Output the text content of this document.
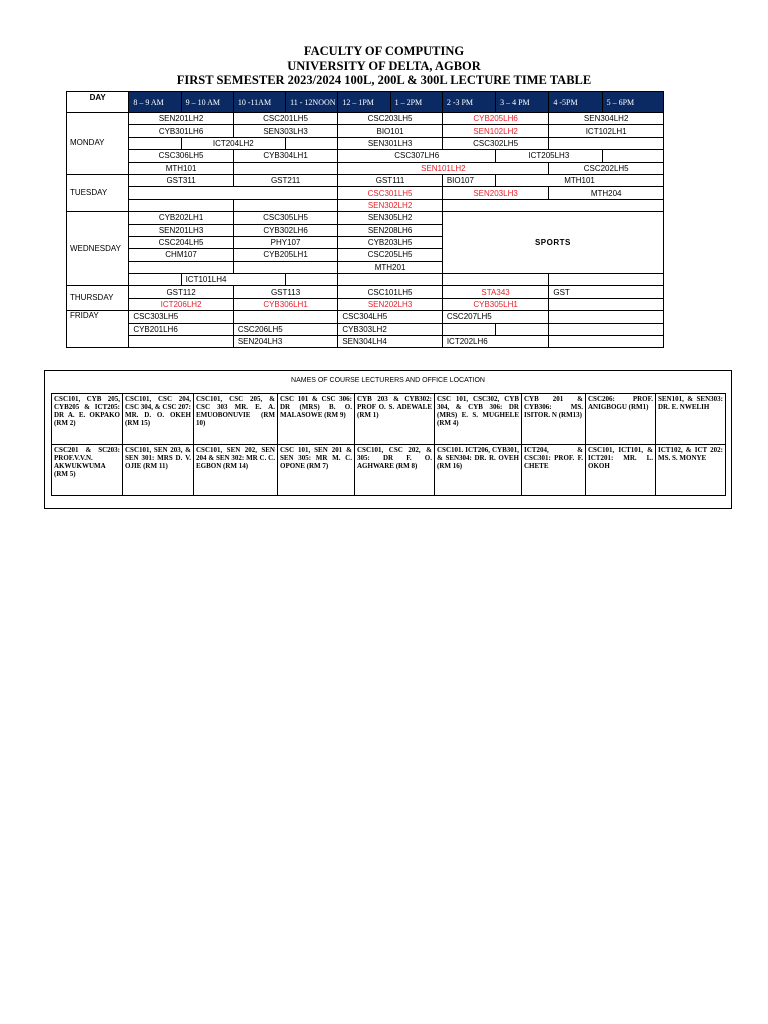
FACULTY OF COMPUTING
UNIVERSITY OF DELTA, AGBOR
FIRST SEMESTER 2023/2024 100L, 200L & 300L LECTURE TIME TABLE
DAY	8 – 9 AM	9 – 10 AM	10 -11AM	11 - 12NOON	12 – 1PM	1 – 2PM	2 -3 PM	3 – 4 PM	4 -5PM	5 – 6PM
MONDAY	SEN201LH2		CSC201LH5		CSC203LH5		CYB205LH6		SEN304LH2	
	CYB301LH6		SEN303LH3		BIO101		SEN102LH2		ICT102LH1	
		ICT204LH2			SEN301LH3		CSC302LH5			
	CSC306LH5		CYB304LH1		CSC307LH6			ICT205LH3		
	MTH101				SEN101LH2				CSC202LH5	
TUESDAY	GST311		GST211		GST111		BIO107	MTH101		
					CSC301LH5		SEN203LH3		MTH204	
					SEN302LH2					
WEDNESDAY	CYB202LH1		CSC305LH5		SEN305LH2		SPORTS			
	SEN201LH3		CYB302LH6		SEN208LH6					
	CSC204LH5		PHY107		CYB203LH5					
	CHM107		CYB205LH1		CSC205LH5					
					MTH201					
		ICT101LH4								
THURSDAY	GST112		GST113		CSC101LH5		STA343		GST	
	ICT206LH2		CYB306LH1		SEN202LH3		CYB305LH1			
FRIDAY	CSC303LH5				CSC304LH5		CSC207LH5			
	CYB201LH6		CSC206LH5		CYB303LH2					
			SEN204LH3		SEN304LH4		ICT202LH6			
NAMES OF COURSE LECTURERS AND OFFICE LOCATION
CSC101, CYB 205, CYB205 & ICT205: DR A. E. OKPAKO (RM 2)	CSC101, CSC 204, CSC 304, & CSC 207: MR. D. O. OKEH (RM 15)	CSC101, CSC 205, & CSC 303 MR. E. A. EMUOBONUVIE (RM 10)	CSC 101 & CSC 306: DR (MRS) B. O. MALASOWE (RM 9)	CYB 203 & CYB302: PROF O. S. ADEWALE (RM 1)	CSC 101, CSC302, CYB 304, & CYB 306: DR (MRS) E. S. MUGHELE (RM 4)	CYB 201 & CYB306: MS. ISITOR. N (RM13)	CSC206: PROF. ANIGBOGU (RM1)	SEN101, & SEN303: DR. E. NWELIH
CSC201 & SC203: PROF.V.V.N. AKWUKWUMA (RM 5)	CSC101, SEN 203, & SEN 301: MRS D. V. OJIE (RM 11)	CSC101, SEN 202, SEN 204 & SEN 302: MR C. C. EGBON (RM 14)	CSC 101, SEN 201 & SEN 305: MR M. C. OPONE (RM 7)	CSC101, CSC 202, & 305: DR F. O. AGHWARE (RM 8)	CSC101. ICT206, CYB301, & SEN304: DR. R. OVEH (RM 16)	ICT204, & CSC301: PROF. F. CHETE	CSC101, ICT101, & ICT201: MR. L. OKOH	ICT102, & ICT 202: MS. S. MONYE
